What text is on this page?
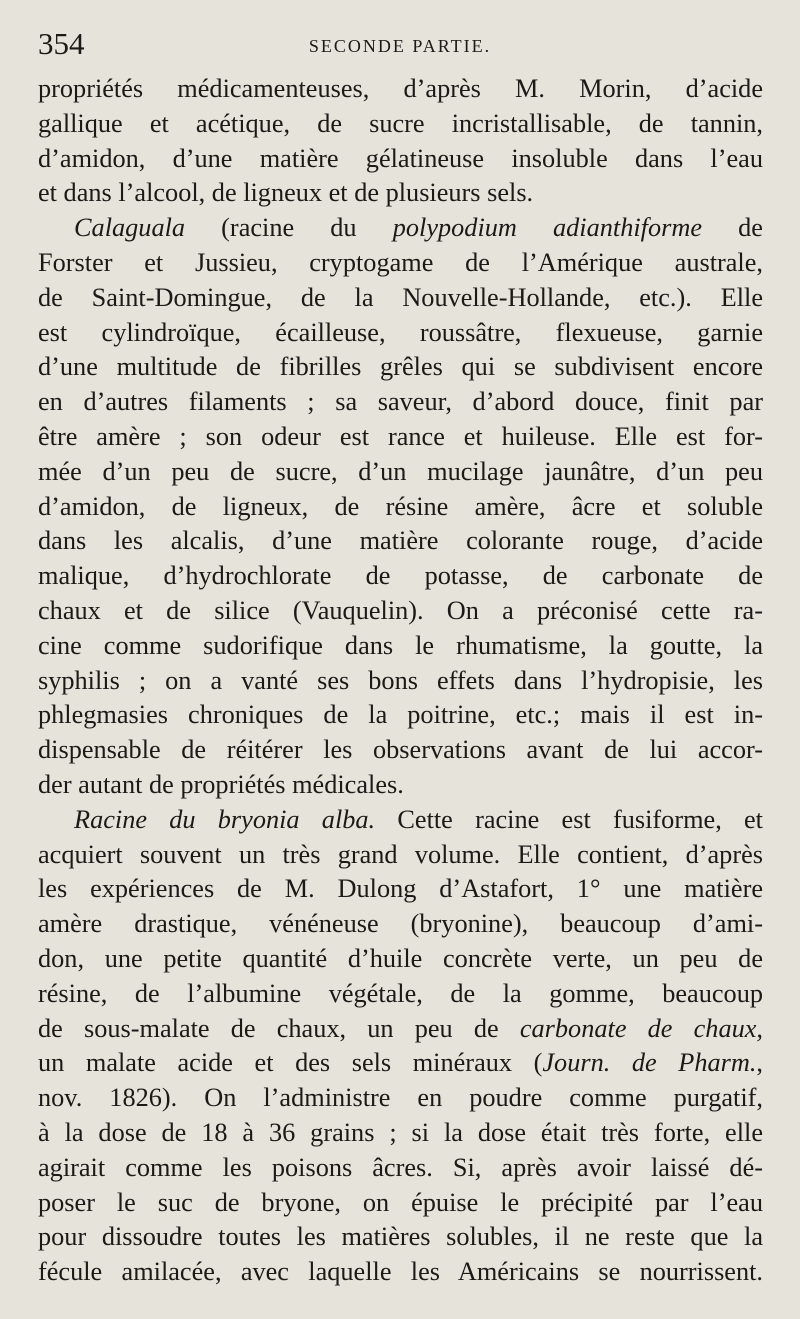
354	SECONDE PARTIE.
propriétés médicamenteuses, d’après M. Morin, d’acide
gallique et acétique, de sucre incristallisable, de tannin,
d’amidon, d’une matière gélatineuse insoluble dans l’eau
et dans l’alcool, de ligneux et de plusieurs sels.
Calaguala (racine du polypodium adianthiforme de
Forster et Jussieu, cryptogame de l’Amérique australe,
de Saint-Domingue, de la Nouvelle-Hollande, etc.). Elle
est cylindroïque, écailleuse, roussâtre, flexueuse, garnie
d’une multitude de fibrilles grêles qui se subdivisent encore
en d’autres filaments ; sa saveur, d’abord douce, finit par
être amère ; son odeur est rance et huileuse. Elle est for-
mée d’un peu de sucre, d’un mucilage jaunâtre, d’un peu
d’amidon, de ligneux, de résine amère, âcre et soluble
dans les alcalis, d’une matière colorante rouge, d’acide
malique, d’hydrochlorate de potasse, de carbonate de
chaux et de silice (Vauquelin). On a préconisé cette ra-
cine comme sudorifique dans le rhumatisme, la goutte, la
syphilis ; on a vanté ses bons effets dans l’hydropisie, les
phlegmasies chroniques de la poitrine, etc.; mais il est in-
dispensable de réitérer les observations avant de lui accor-
der autant de propriétés médicales.
Racine du bryonia alba. Cette racine est fusiforme, et
acquiert souvent un très grand volume. Elle contient, d’après
les expériences de M. Dulong d’Astafort, 1° une matière
amère drastique, vénéneuse (bryonine), beaucoup d’ami-
don, une petite quantité d’huile concrète verte, un peu de
résine, de l’albumine végétale, de la gomme, beaucoup
de sous-malate de chaux, un peu de carbonate de chaux,
un malate acide et des sels minéraux (Journ. de Pharm.,
nov. 1826). On l’administre en poudre comme purgatif,
à la dose de 18 à 36 grains ; si la dose était très forte, elle
agirait comme les poisons âcres. Si, après avoir laissé dé-
poser le suc de bryone, on épuise le précipité par l’eau
pour dissoudre toutes les matières solubles, il ne reste que la
fécule amilacée, avec laquelle les Américains se nourrissent.
